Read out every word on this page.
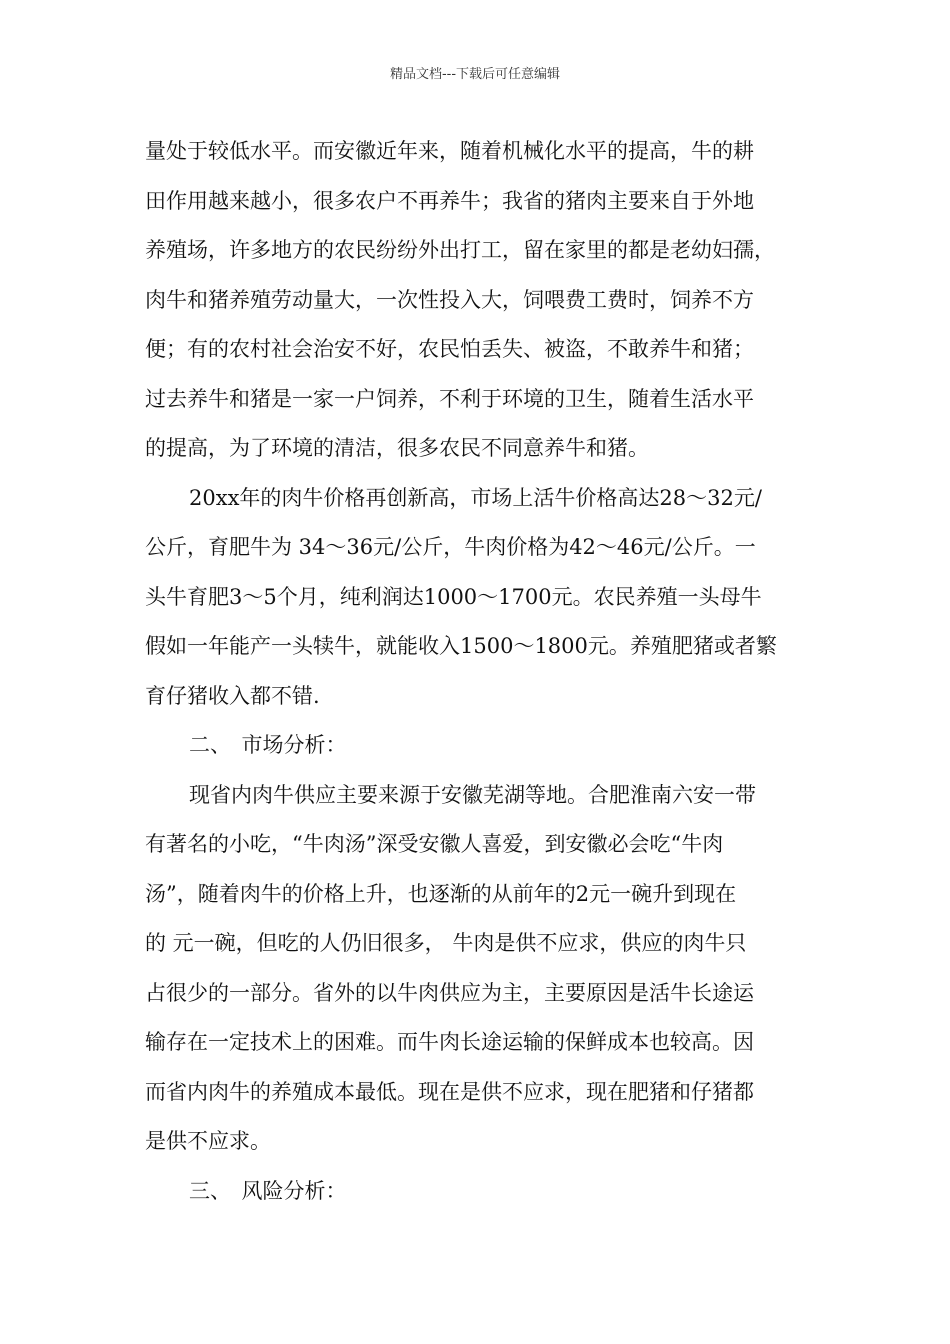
精品文档---下载后可任意编辑
量处于较低水平。而安徽近年来，随着机械化水平的提高，牛的耕
田作用越来越小，很多农户不再养牛；我省的猪肉主要来自于外地
养殖场，许多地方的农民纷纷外出打工，留在家里的都是老幼妇孺，
肉牛和猪养殖劳动量大，一次性投入大，饲喂费工费时，饲养不方
便；有的农村社会治安不好，农民怕丢失、被盗，不敢养牛和猪；
过去养牛和猪是一家一户饲养，不利于环境的卫生，随着生活水平
的提高，为了环境的清洁，很多农民不同意养牛和猪。
20xx年的肉牛价格再创新高，市场上活牛价格高达28～32元/
公斤，育肥牛为 34～36元/公斤，牛肉价格为42～46元/公斤。一
头牛育肥3～5个月，纯利润达1000～1700元。农民养殖一头母牛
假如一年能产一头犊牛，就能收入1500～1800元。养殖肥猪或者繁
育仔猪收入都不错.
二、　市场分析：
现省内肉牛供应主要来源于安徽芜湖等地。合肥淮南六安一带
有著名的小吃，“牛肉汤”深受安徽人喜爱，到安徽必会吃“牛肉
汤”，随着肉牛的价格上升，也逐渐的从前年的2元一碗升到现在
的 元一碗，但吃的人仍旧很多， 牛肉是供不应求，供应的肉牛只
占很少的一部分。省外的以牛肉供应为主，主要原因是活牛长途运
输存在一定技术上的困难。而牛肉长途运输的保鲜成本也较高。因
而省内肉牛的养殖成本最低。现在是供不应求，现在肥猪和仔猪都
是供不应求。
三、　风险分析：
